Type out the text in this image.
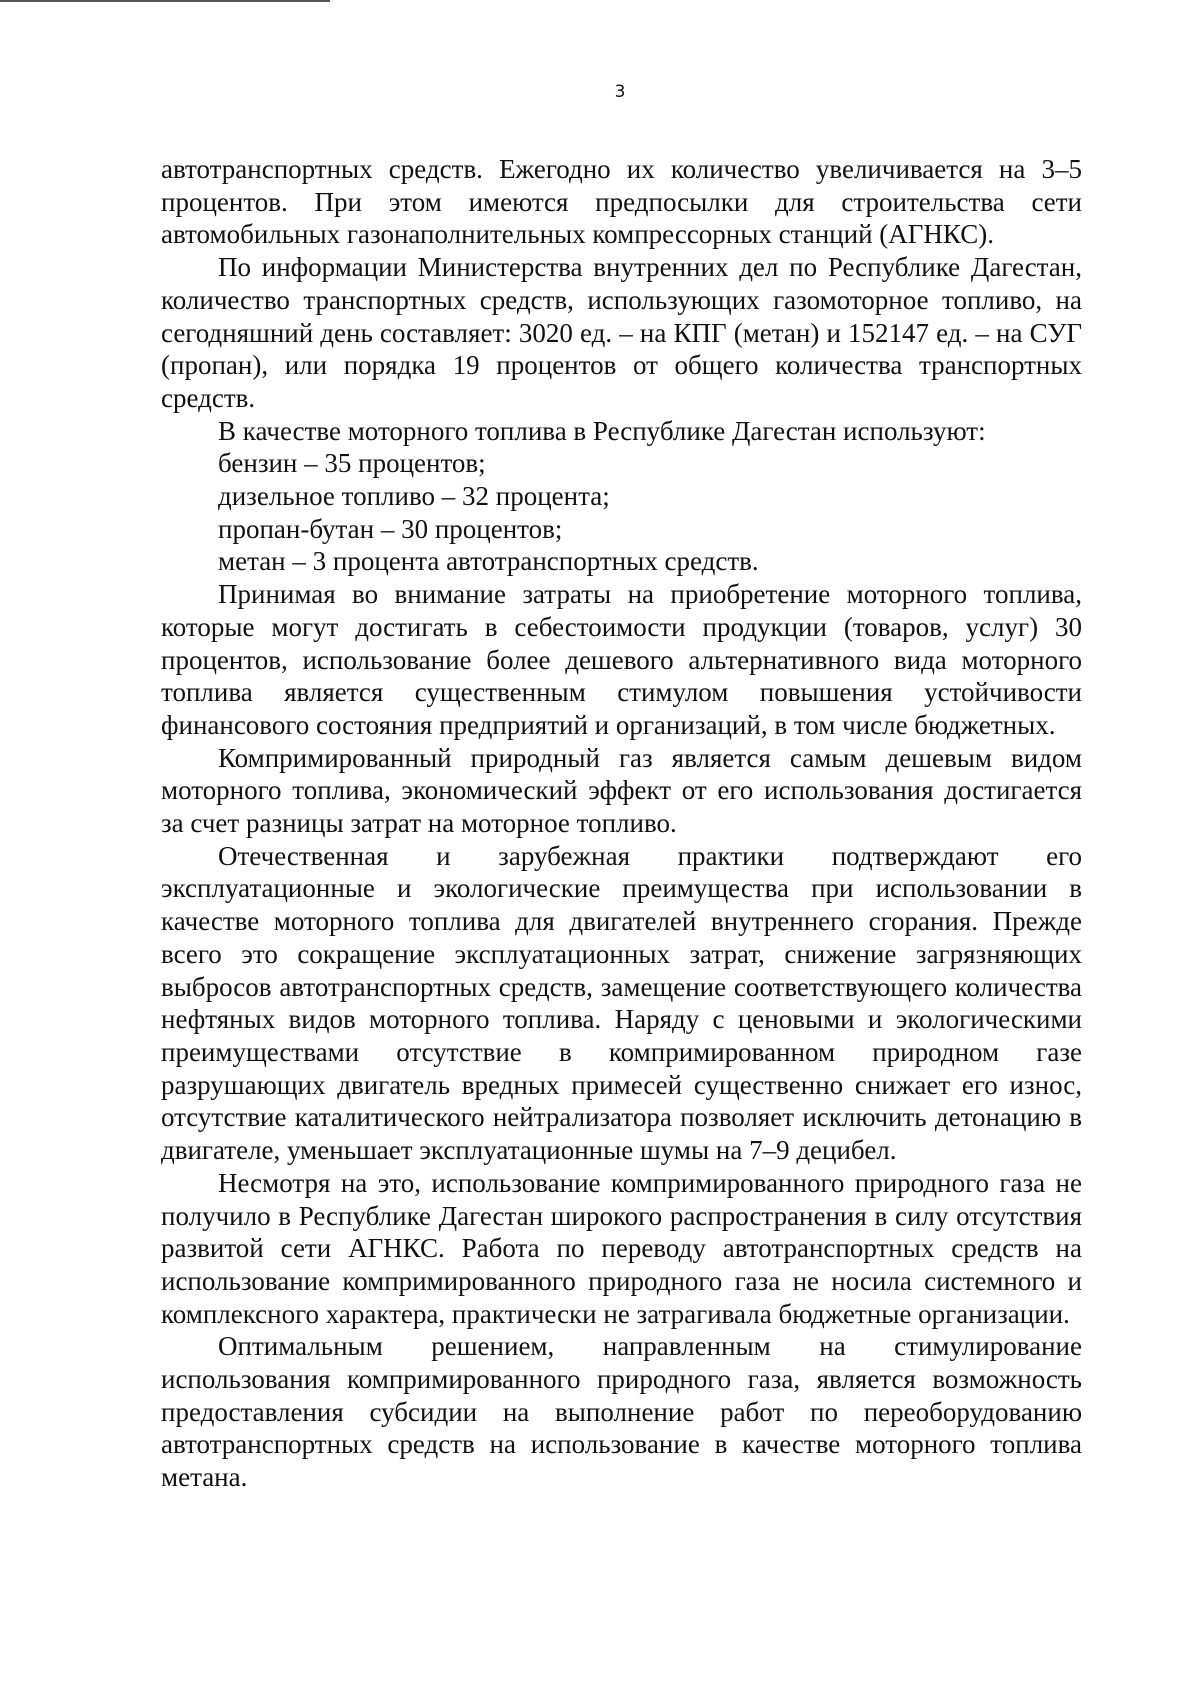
3

автотранспортных средств. Ежегодно их количество увеличивается на 3–5 процентов. При этом имеются предпосылки для строительства сети автомобильных газонаполнительных компрессорных станций (АГНКС).

По информации Министерства внутренних дел по Республике Дагестан, количество транспортных средств, использующих газомоторное топливо, на сегодняшний день составляет: 3020 ед. – на КПГ (метан) и 152147 ед. – на СУГ (пропан), или порядка 19 процентов от общего количества транспортных средств.

В качестве моторного топлива в Республике Дагестан используют:

бензин – 35 процентов;

дизельное топливо – 32 процента;

пропан-бутан – 30 процентов;

метан – 3 процента автотранспортных средств.

Принимая во внимание затраты на приобретение моторного топлива, которые могут достигать в себестоимости продукции (товаров, услуг) 30 процентов, использование более дешевого альтернативного вида моторного топлива является существенным стимулом повышения устойчивости финансового состояния предприятий и организаций, в том числе бюджетных.

Компримированный природный газ является самым дешевым видом моторного топлива, экономический эффект от его использования достигается за счет разницы затрат на моторное топливо.

Отечественная и зарубежная практики подтверждают его эксплуатационные и экологические преимущества при использовании в качестве моторного топлива для двигателей внутреннего сгорания. Прежде всего это сокращение эксплуатационных затрат, снижение загрязняющих выбросов автотранспортных средств, замещение соответствующего количества нефтяных видов моторного топлива. Наряду с ценовыми и экологическими преимуществами отсутствие в компримированном природном газе разрушающих двигатель вредных примесей существенно снижает его износ, отсутствие каталитического нейтрализатора позволяет исключить детонацию в двигателе, уменьшает эксплуатационные шумы на 7–9 децибел.

Несмотря на это, использование компримированного природного газа не получило в Республике Дагестан широкого распространения в силу отсутствия развитой сети АГНКС. Работа по переводу автотранспортных средств на использование компримированного природного газа не носила системного и комплексного характера, практически не затрагивала бюджетные организации.

Оптимальным решением, направленным на стимулирование использования компримированного природного газа, является возможность предоставления субсидии на выполнение работ по переоборудованию автотранспортных средств на использование в качестве моторного топлива метана.
